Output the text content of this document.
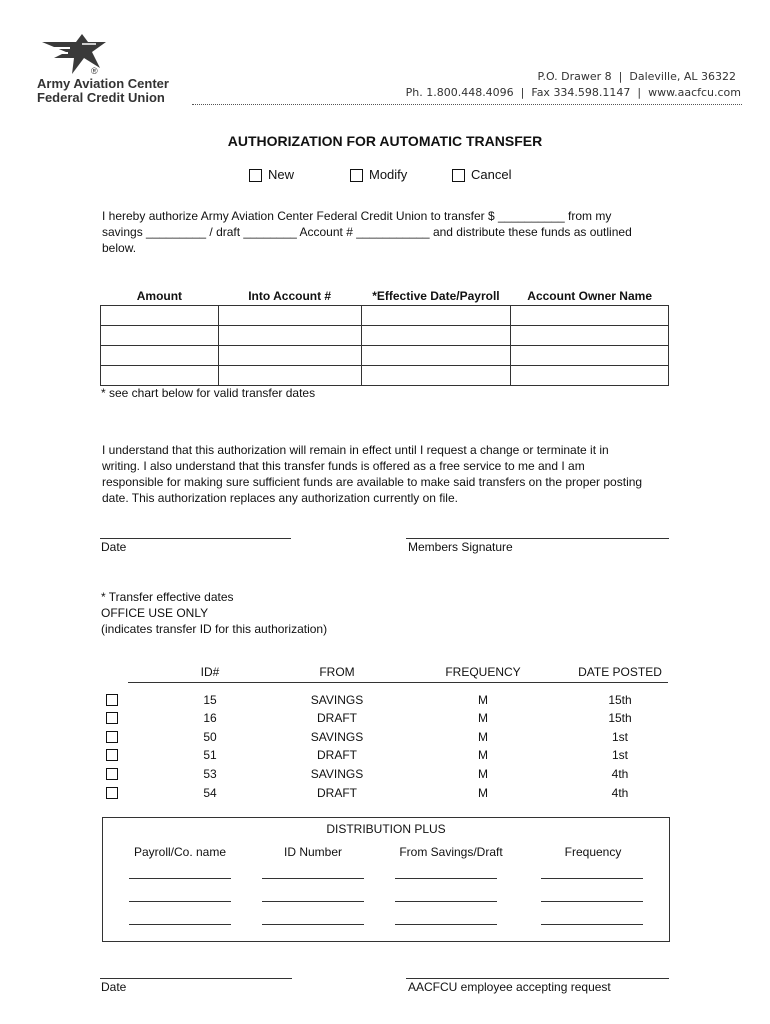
®
Army Aviation Center
Federal Credit Union
P.O. Drawer 8  |  Daleville, AL 36322
Ph. 1.800.448.4096  |  Fax 334.598.1147  |  www.aacfcu.com
AUTHORIZATION FOR AUTOMATIC TRANSFER
New	Modify	Cancel
I hereby authorize Army Aviation Center Federal Credit Union to transfer $ __________ from my
savings _________ / draft ________ Account # ___________ and distribute these funds as outlined
below.
Amount	Into Account #	*Effective Date/Payroll	Account Owner Name

* see chart below for valid transfer dates
I understand that this authorization will remain in effect until I request a change or terminate it in
writing. I also understand that this transfer funds is offered as a free service to me and I am
responsible for making sure sufficient funds are available to make said transfers on the proper posting
date. This authorization replaces any authorization currently on file.
Date	Members Signature
* Transfer effective dates
OFFICE USE ONLY
(indicates transfer ID for this authorization)
ID#	FROM	FREQUENCY	DATE POSTED
15	SAVINGS	M	15th
16	DRAFT	M	15th
50	SAVINGS	M	1st
51	DRAFT	M	1st
53	SAVINGS	M	4th
54	DRAFT	M	4th
DISTRIBUTION PLUS
Payroll/Co. name	ID Number	From Savings/Draft	Frequency
Date	AACFCU employee accepting request
